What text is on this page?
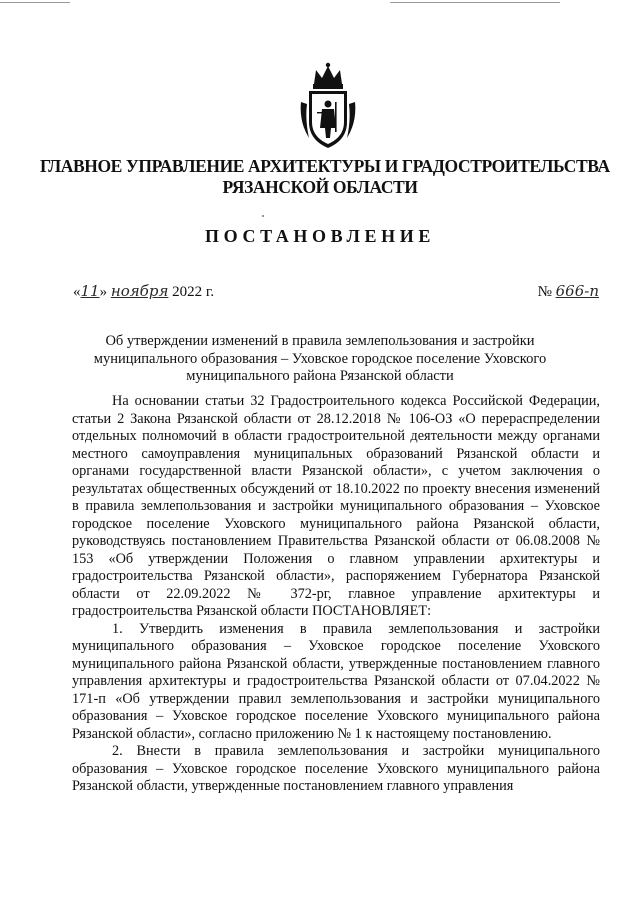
ГЛАВНОЕ УПРАВЛЕНИЕ АРХИТЕКТУРЫ И ГРАДОСТРОИТЕЛЬСТВА
РЯЗАНСКОЙ ОБЛАСТИ
ПОСТАНОВЛЕНИЕ
«11» ноября 2022 г.	№ 666-п
Об утверждении изменений в правила землепользования и застройки
муниципального образования – Уховское городское поселение Уховского
муниципального района Рязанской области

На основании статьи 32 Градостроительного кодекса Российской Федерации, статьи 2 Закона Рязанской области от 28.12.2018 № 106-ОЗ «О перераспределении отдельных полномочий в области градостроительной деятельности между органами местного самоуправления муниципальных образований Рязанской области и органами государственной власти Рязанской области», с учетом заключения о результатах общественных обсуждений от 18.10.2022 по проекту внесения изменений в правила землепользования и застройки муниципального образования – Уховское городское поселение Уховского муниципального района Рязанской области, руководствуясь постановлением Правительства Рязанской области от 06.08.2008 № 153 «Об утверждении Положения о главном управлении архитектуры и градостроительства Рязанской области», распоряжением Губернатора Рязанской области от 22.09.2022 № 372-рг, главное управление архитектуры и градостроительства Рязанской области ПОСТАНОВЛЯЕТ:

1. Утвердить изменения в правила землепользования и застройки муниципального образования – Уховское городское поселение Уховского муниципального района Рязанской области, утвержденные постановлением главного управления архитектуры и градостроительства Рязанской области от 07.04.2022 № 171-п «Об утверждении правил землепользования и застройки муниципального образования – Уховское городское поселение Уховского муниципального района Рязанской области», согласно приложению № 1 к настоящему постановлению.

2. Внести в правила землепользования и застройки муниципального образования – Уховское городское поселение Уховского муниципального района Рязанской области, утвержденные постановлением главного управления
